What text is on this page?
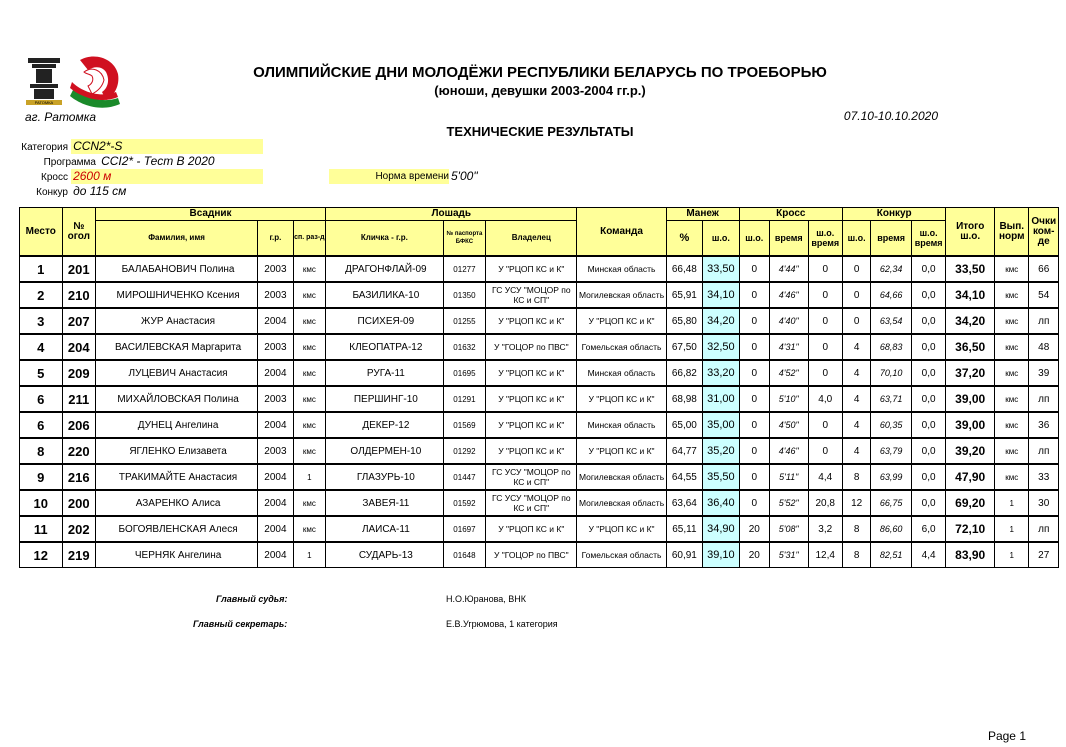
РАТОМКА
ОЛИМПИЙСКИЕ ДНИ МОЛОДЁЖИ РЕСПУБЛИКИ БЕЛАРУСЬ ПО ТРОЕБОРЬЮ
(юноши, девушки 2003-2004 гг.р.)
аг. Ратомка	07.10-10.10.2020
ТЕХНИЧЕСКИЕ РЕЗУЛЬТАТЫ
Категория CCN2*-S
Программа CCI2* - Тест В 2020
Кросс 2600 м	Норма времени 5'00"
Конкур до 115 см
Место	№ огол	Всадник			Лошадь			Команда	Манеж		Кросс			Конкур			Итого ш.о.	Вып. норм	Очки ком-де
		Фамилия, имя	г.р.	сп. раз-д	Кличка - г.р.	№ паспорта БФКС	Владелец		%	ш.о.	ш.о.	время	ш.о. время	ш.о.	время	ш.о. время			
1	201	БАЛАБАНОВИЧ Полина	2003	кмс	ДРАГОНФЛАЙ-09	01277	У "РЦОП КС и К"	Минская область	66,48	33,50	0	4'44"	0	0	62,34	0,0	33,50	кмс	66
2	210	МИРОШНИЧЕНКО Ксения	2003	кмс	БАЗИЛИКА-10	01350	ГС УСУ "МОЦОР по КС и СП"	Могилевская область	65,91	34,10	0	4'46"	0	0	64,66	0,0	34,10	кмс	54
3	207	ЖУР Анастасия	2004	кмс	ПСИХЕЯ-09	01255	У "РЦОП КС и К"	У "РЦОП КС и К"	65,80	34,20	0	4'40"	0	0	63,54	0,0	34,20	кмс	лп
4	204	ВАСИЛЕВСКАЯ Маргарита	2003	кмс	КЛЕОПАТРА-12	01632	У "ГОЦОР по ПВС"	Гомельская область	67,50	32,50	0	4'31"	0	4	68,83	0,0	36,50	кмс	48
5	209	ЛУЦЕВИЧ Анастасия	2004	кмс	РУГА-11	01695	У "РЦОП КС и К"	Минская область	66,82	33,20	0	4'52"	0	4	70,10	0,0	37,20	кмс	39
6	211	МИХАЙЛОВСКАЯ Полина	2003	кмс	ПЕРШИНГ-10	01291	У "РЦОП КС и К"	У "РЦОП КС и К"	68,98	31,00	0	5'10"	4,0	4	63,71	0,0	39,00	кмс	лп
6	206	ДУНЕЦ Ангелина	2004	кмс	ДЕКЕР-12	01569	У "РЦОП КС и К"	Минская область	65,00	35,00	0	4'50"	0	4	60,35	0,0	39,00	кмс	36
8	220	ЯГЛЕНКО Елизавета	2003	кмс	ОЛДЕРМЕН-10	01292	У "РЦОП КС и К"	У "РЦОП КС и К"	64,77	35,20	0	4'46"	0	4	63,79	0,0	39,20	кмс	лп
9	216	ТРАКИМАЙТЕ Анастасия	2004	1	ГЛАЗУРЬ-10	01447	ГС УСУ "МОЦОР по КС и СП"	Могилевская область	64,55	35,50	0	5'11"	4,4	8	63,99	0,0	47,90	кмс	33
10	200	АЗАРЕНКО Алиса	2004	кмс	ЗАВЕЯ-11	01592	ГС УСУ "МОЦОР по КС и СП"	Могилевская область	63,64	36,40	0	5'52"	20,8	12	66,75	0,0	69,20	1	30
11	202	БОГОЯВЛЕНСКАЯ Алеся	2004	кмс	ЛАИСА-11	01697	У "РЦОП КС и К"	У "РЦОП КС и К"	65,11	34,90	20	5'08"	3,2	8	86,60	6,0	72,10	1	лп
12	219	ЧЕРНЯК Ангелина	2004	1	СУДАРЬ-13	01648	У "ГОЦОР по ПВС"	Гомельская область	60,91	39,10	20	5'31"	12,4	8	82,51	4,4	83,90	1	27
Главный судья:	Н.О.Юранова, ВНК
Главный секретарь:	Е.В.Угрюмова, 1 категория
Page 1
